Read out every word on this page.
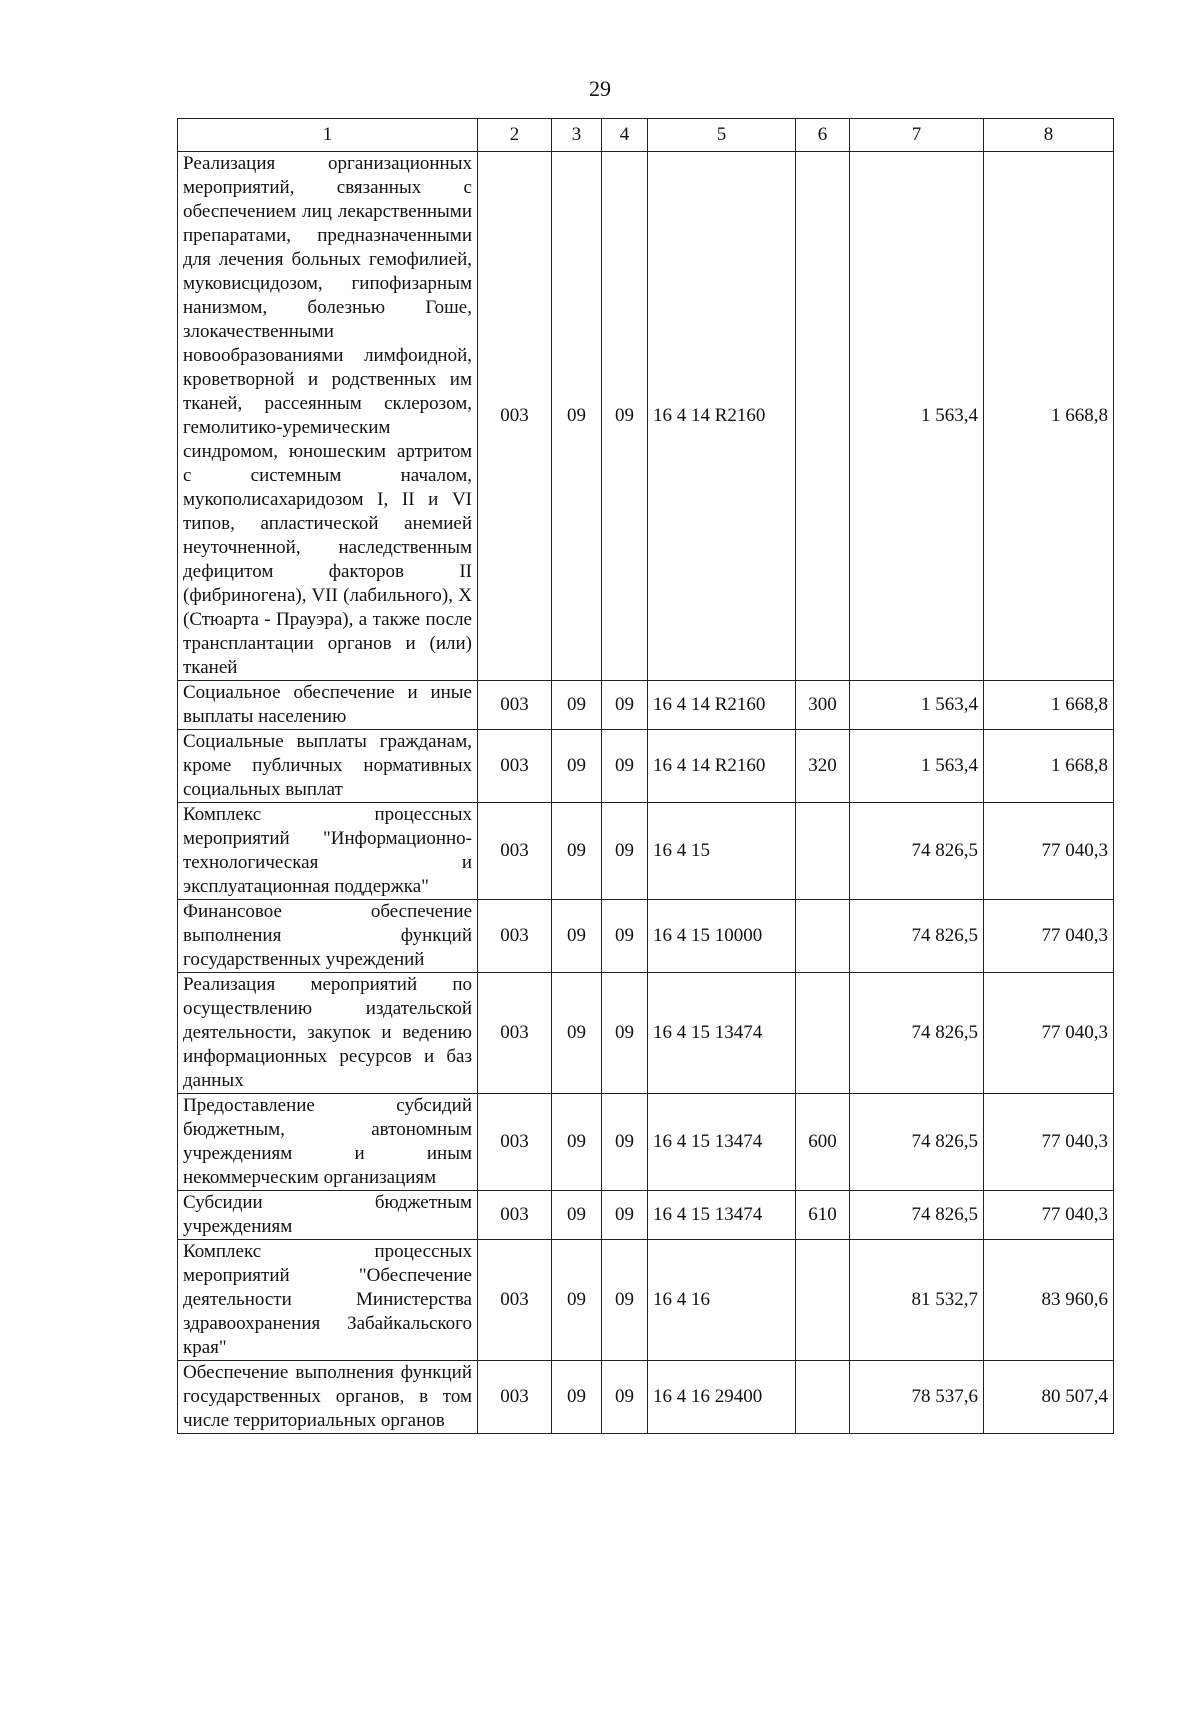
29
1	2	3	4	5	6	7	8
Реализация организационных мероприятий, связанных с обеспечением лиц лекарственными препаратами, предназначенными для лечения больных гемофилией, муковисцидозом, гипофизарным нанизмом, болезнью Гоше, злокачественными новообразованиями лимфоидной, кроветворной и родственных им тканей, рассеянным склерозом, гемолитико-уремическим синдромом, юношеским артритом с системным началом, мукополисахаридозом I, II и VI типов, апластической анемией неуточненной, наследственным дефицитом факторов II (фибриногена), VII (лабильного), X (Стюарта - Прауэра), а также после трансплантации органов и (или) тканей	003	09	09	16 4 14 R2160		1 563,4	1 668,8
Социальное обеспечение и иные выплаты населению	003	09	09	16 4 14 R2160	300	1 563,4	1 668,8
Социальные выплаты гражданам, кроме публичных нормативных социальных выплат	003	09	09	16 4 14 R2160	320	1 563,4	1 668,8
Комплекс процессных мероприятий "Информационно-технологическая и эксплуатационная поддержка"	003	09	09	16 4 15		74 826,5	77 040,3
Финансовое обеспечение выполнения функций государственных учреждений	003	09	09	16 4 15 10000		74 826,5	77 040,3
Реализация мероприятий по осуществлению издательской деятельности, закупок и ведению информационных ресурсов и баз данных	003	09	09	16 4 15 13474		74 826,5	77 040,3
Предоставление субсидий бюджетным, автономным учреждениям и иным некоммерческим организациям	003	09	09	16 4 15 13474	600	74 826,5	77 040,3
Субсидии бюджетным учреждениям	003	09	09	16 4 15 13474	610	74 826,5	77 040,3
Комплекс процессных мероприятий "Обеспечение деятельности Министерства здравоохранения Забайкальского края"	003	09	09	16 4 16		81 532,7	83 960,6
Обеспечение выполнения функций государственных органов, в том числе территориальных органов	003	09	09	16 4 16 29400		78 537,6	80 507,4
